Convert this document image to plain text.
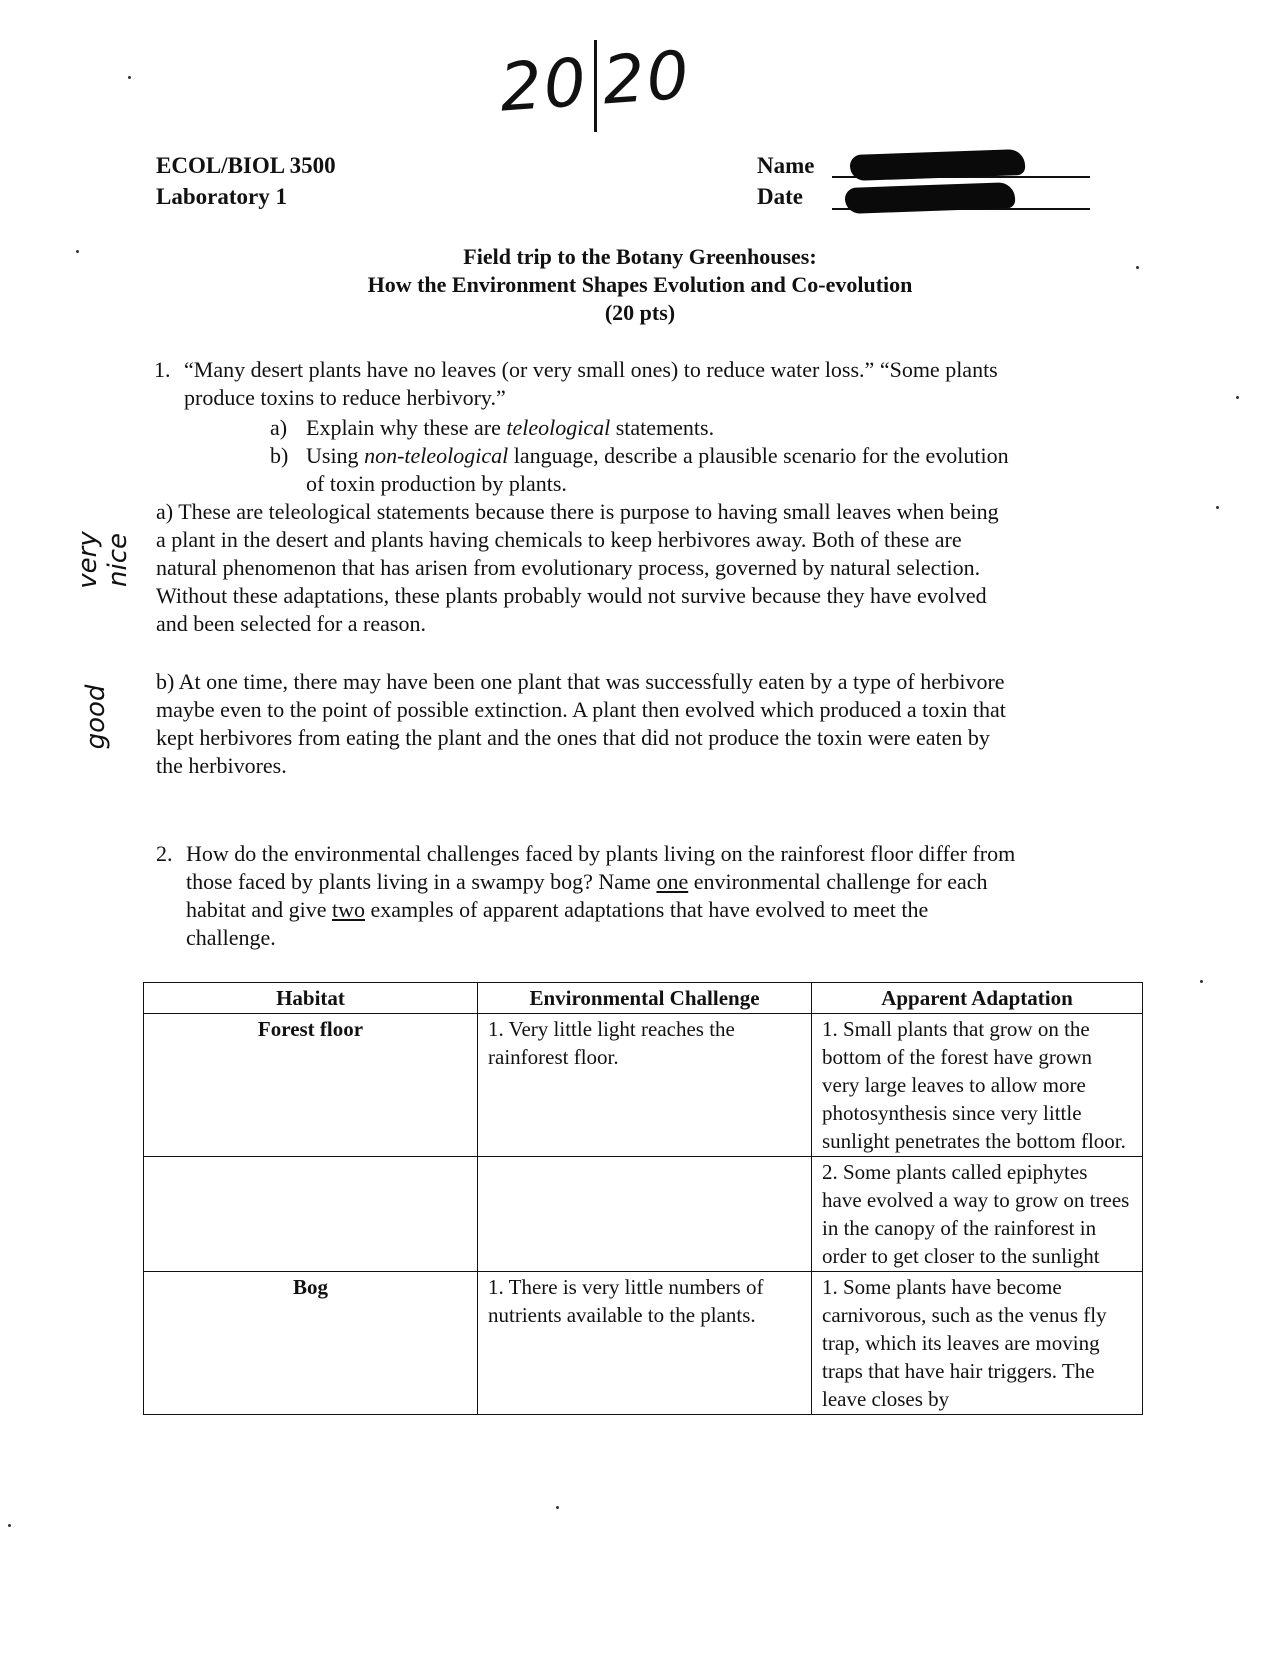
20 20
ECOL/BIOL 3500
Laboratory 1
Name
Date
Field trip to the Botany Greenhouses:
How the Environment Shapes Evolution and Co-evolution
(20 pts)
1. “Many desert plants have no leaves (or very small ones) to reduce water loss.” “Some plants
produce toxins to reduce herbivory.”
a) Explain why these are teleological statements.
b) Using non-teleological language, describe a plausible scenario for the evolution
of toxin production by plants.
a) These are teleological statements because there is purpose to having small leaves when being
a plant in the desert and plants having chemicals to keep herbivores away. Both of these are
natural phenomenon that has arisen from evolutionary process, governed by natural selection.
Without these adaptations, these plants probably would not survive because they have evolved
and been selected for a reason.
b) At one time, there may have been one plant that was successfully eaten by a type of herbivore
maybe even to the point of possible extinction. A plant then evolved which produced a toxin that
kept herbivores from eating the plant and the ones that did not produce the toxin were eaten by
the herbivores.
very nice
good
2. How do the environmental challenges faced by plants living on the rainforest floor differ from
those faced by plants living in a swampy bog? Name one environmental challenge for each
habitat and give two examples of apparent adaptations that have evolved to meet the
challenge.
Habitat	Environmental Challenge	Apparent Adaptation
Forest floor	1. Very little light reaches the rainforest floor.	1. Small plants that grow on the bottom of the forest have grown very large leaves to allow more photosynthesis since very little sunlight penetrates the bottom floor.
		2. Some plants called epiphytes have evolved a way to grow on trees in the canopy of the rainforest in order to get closer to the sunlight
Bog	1. There is very little numbers of nutrients available to the plants.	1. Some plants have become carnivorous, such as the venus fly trap, which its leaves are moving traps that have hair triggers. The leave closes by
